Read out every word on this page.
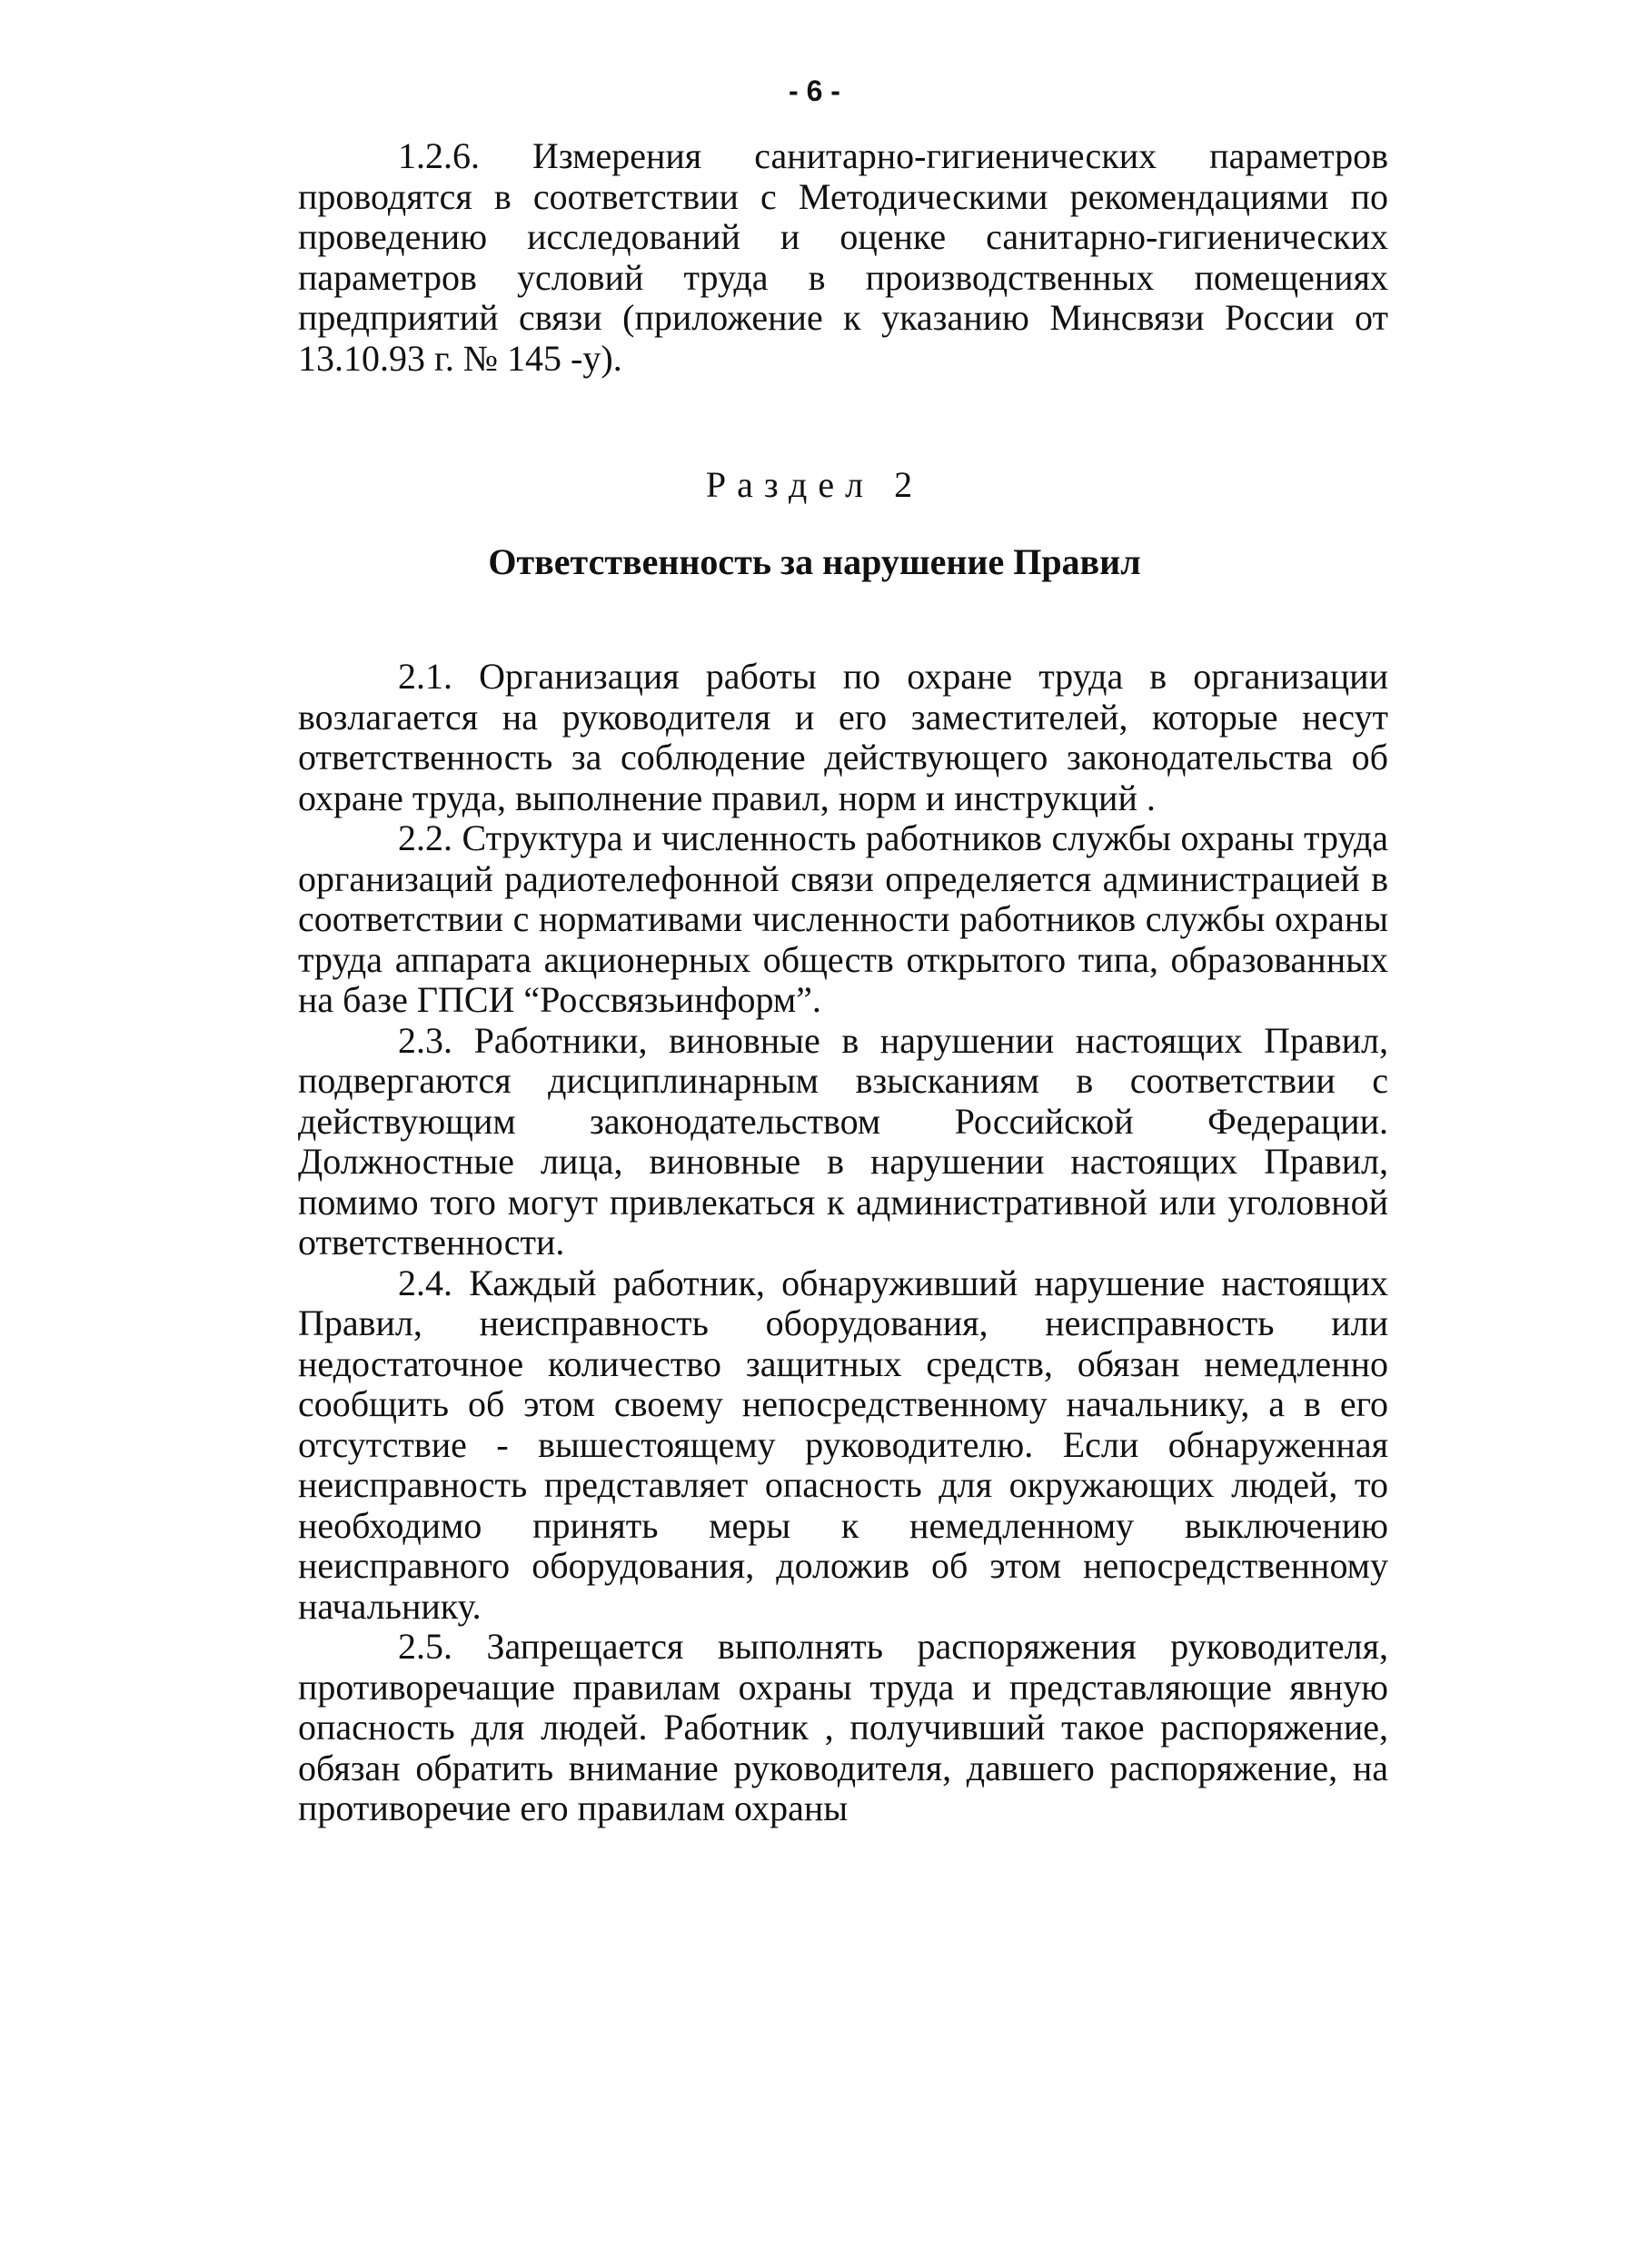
- 6 -

1.2.6. Измерения санитарно-гигиенических параметров проводятся в соответствии с Методическими рекомендациями по проведению исследований и оценке санитарно-гигиенических параметров условий труда в производственных помещениях предприятий связи (приложение к указанию Минсвязи России от 13.10.93 г. № 145 -у).

Раздел 2
Ответственность за нарушение Правил

2.1. Организация работы по охране труда в организации возлагается на руководителя и его заместителей, которые несут ответственность за соблюдение действующего законодательства об охране труда, выполнение правил, норм и инструкций .

2.2. Структура и численность работников службы охраны труда организаций радиотелефонной связи определяется администрацией в соответствии с нормативами численности работников службы охраны труда аппарата акционерных обществ открытого типа, образованных на базе ГПСИ “Россвязьинформ”.

2.3. Работники, виновные в нарушении настоящих Правил, подвергаются дисциплинарным взысканиям в соответствии с действующим законодательством Российской Федерации. Должностные лица, виновные в нарушении настоящих Правил, помимо того могут привлекаться к административной или уголовной ответственности.

2.4. Каждый работник, обнаруживший нарушение настоящих Правил, неисправность оборудования, неисправность или недостаточное количество защитных средств, обязан немедленно сообщить об этом своему непосредственному начальнику, а в его отсутствие - вышестоящему руководителю. Если обнаруженная неисправность представляет опасность для окружающих людей, то необходимо принять меры к немедленному выключению неисправного оборудования, доложив об этом непосредственному начальнику.

2.5. Запрещается выполнять распоряжения руководителя, противоречащие правилам охраны труда и представляющие явную опасность для людей. Работник , получивший такое распоряжение, обязан обратить внимание руководителя, давшего распоряжение, на противоречие его правилам охраны
